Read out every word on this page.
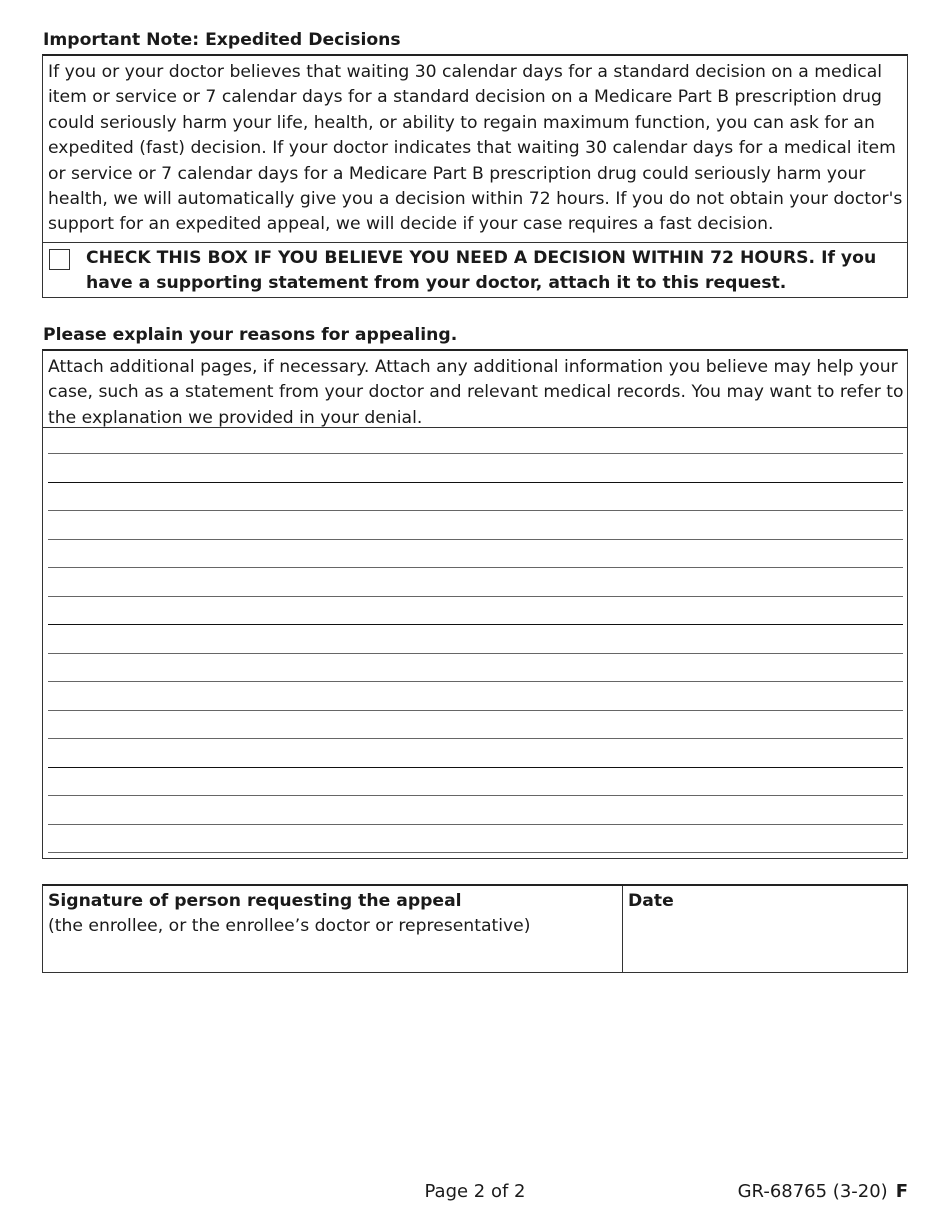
Important Note: Expedited Decisions

If you or your doctor believes that waiting 30 calendar days for a standard decision on a medical item or service or 7 calendar days for a standard decision on a Medicare Part B prescription drug could seriously harm your life, health, or ability to regain maximum function, you can ask for an expedited (fast) decision. If your doctor indicates that waiting 30 calendar days for a medical item or service or 7 calendar days for a Medicare Part B prescription drug could seriously harm your health, we will automatically give you a decision within 72 hours. If you do not obtain your doctor's support for an expedited appeal, we will decide if your case requires a fast decision.

CHECK THIS BOX IF YOU BELIEVE YOU NEED A DECISION WITHIN 72 HOURS. If you have a supporting statement from your doctor, attach it to this request.
Please explain your reasons for appealing.

Attach additional pages, if necessary. Attach any additional information you believe may help your case, such as a statement from your doctor and relevant medical records. You may want to refer to the explanation we provided in your denial.

Signature of person requesting the appeal
(the enrollee, or the enrollee’s doctor or representative)
Date
Page 2 of 2	GR-68765 (3-20) F
